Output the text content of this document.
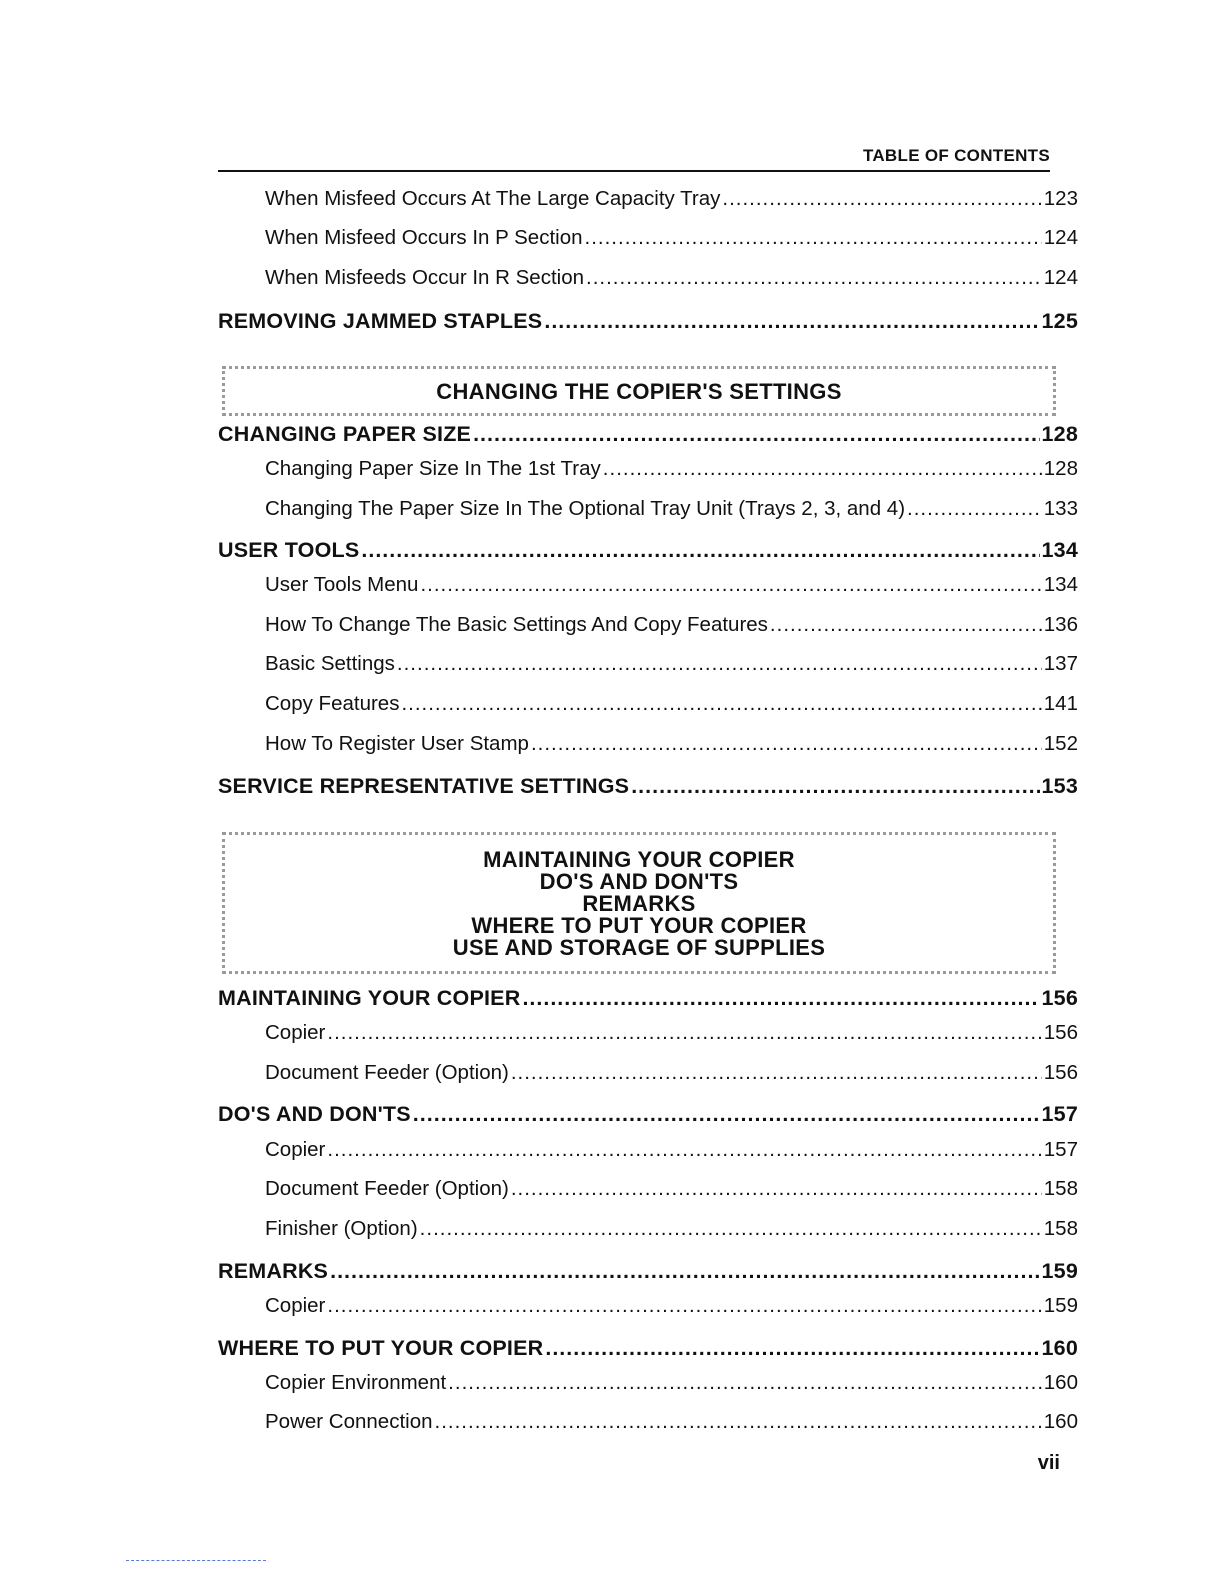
TABLE OF CONTENTS
When Misfeed Occurs At The Large Capacity Tray .....	123
When Misfeed Occurs In P Section .....	124
When Misfeeds Occur In R Section .....	124
REMOVING JAMMED STAPLES .....	125
CHANGING THE COPIER'S SETTINGS
CHANGING PAPER SIZE .....	128
Changing Paper Size In The 1st Tray .....	128
Changing The Paper Size In The Optional Tray Unit (Trays 2, 3, and 4) .....	133
USER TOOLS .....	134
User Tools Menu .....	134
How To Change The Basic Settings And Copy Features .....	136
Basic Settings .....	137
Copy Features .....	141
How To Register User Stamp .....	152
SERVICE REPRESENTATIVE SETTINGS .....	153
MAINTAINING YOUR COPIER
DO'S AND DON'TS
REMARKS
WHERE TO PUT YOUR COPIER
USE AND STORAGE OF SUPPLIES
MAINTAINING YOUR COPIER .....	156
Copier .....	156
Document Feeder (Option) .....	156
DO'S AND DON'TS .....	157
Copier .....	157
Document Feeder (Option) .....	158
Finisher (Option) .....	158
REMARKS .....	159
Copier .....	159
WHERE TO PUT YOUR COPIER .....	160
Copier Environment .....	160
Power Connection .....	160
vii
